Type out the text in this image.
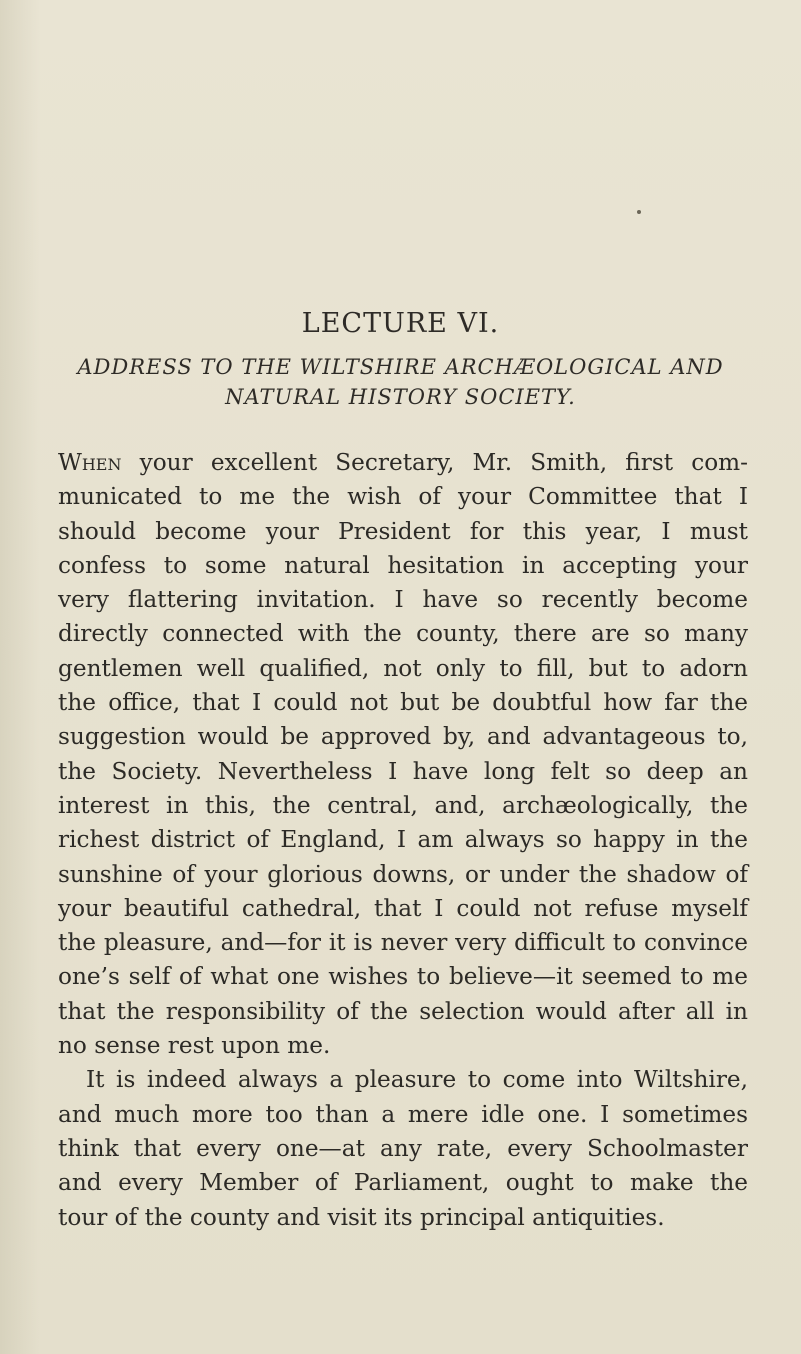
LECTURE VI.
ADDRESS TO THE WILTSHIRE ARCHÆOLOGICAL AND
NATURAL HISTORY SOCIETY.
When your excellent Secretary, Mr. Smith, first com-
municated to me the wish of your Committee that I
should become your President for this year, I must
confess to some natural hesitation in accepting your
very flattering invitation. I have so recently become
directly connected with the county, there are so many
gentlemen well qualified, not only to fill, but to adorn
the office, that I could not but be doubtful how far the
suggestion would be approved by, and advantageous to,
the Society. Nevertheless I have long felt so deep an
interest in this, the central, and, archæologically, the
richest district of England, I am always so happy in the
sunshine of your glorious downs, or under the shadow of
your beautiful cathedral, that I could not refuse myself
the pleasure, and—for it is never very difficult to convince
one’s self of what one wishes to believe—it seemed to me
that the responsibility of the selection would after all in
no sense rest upon me.
It is indeed always a pleasure to come into Wiltshire,
and much more too than a mere idle one. I sometimes
think that every one—at any rate, every Schoolmaster
and every Member of Parliament, ought to make the
tour of the county and visit its principal antiquities.
